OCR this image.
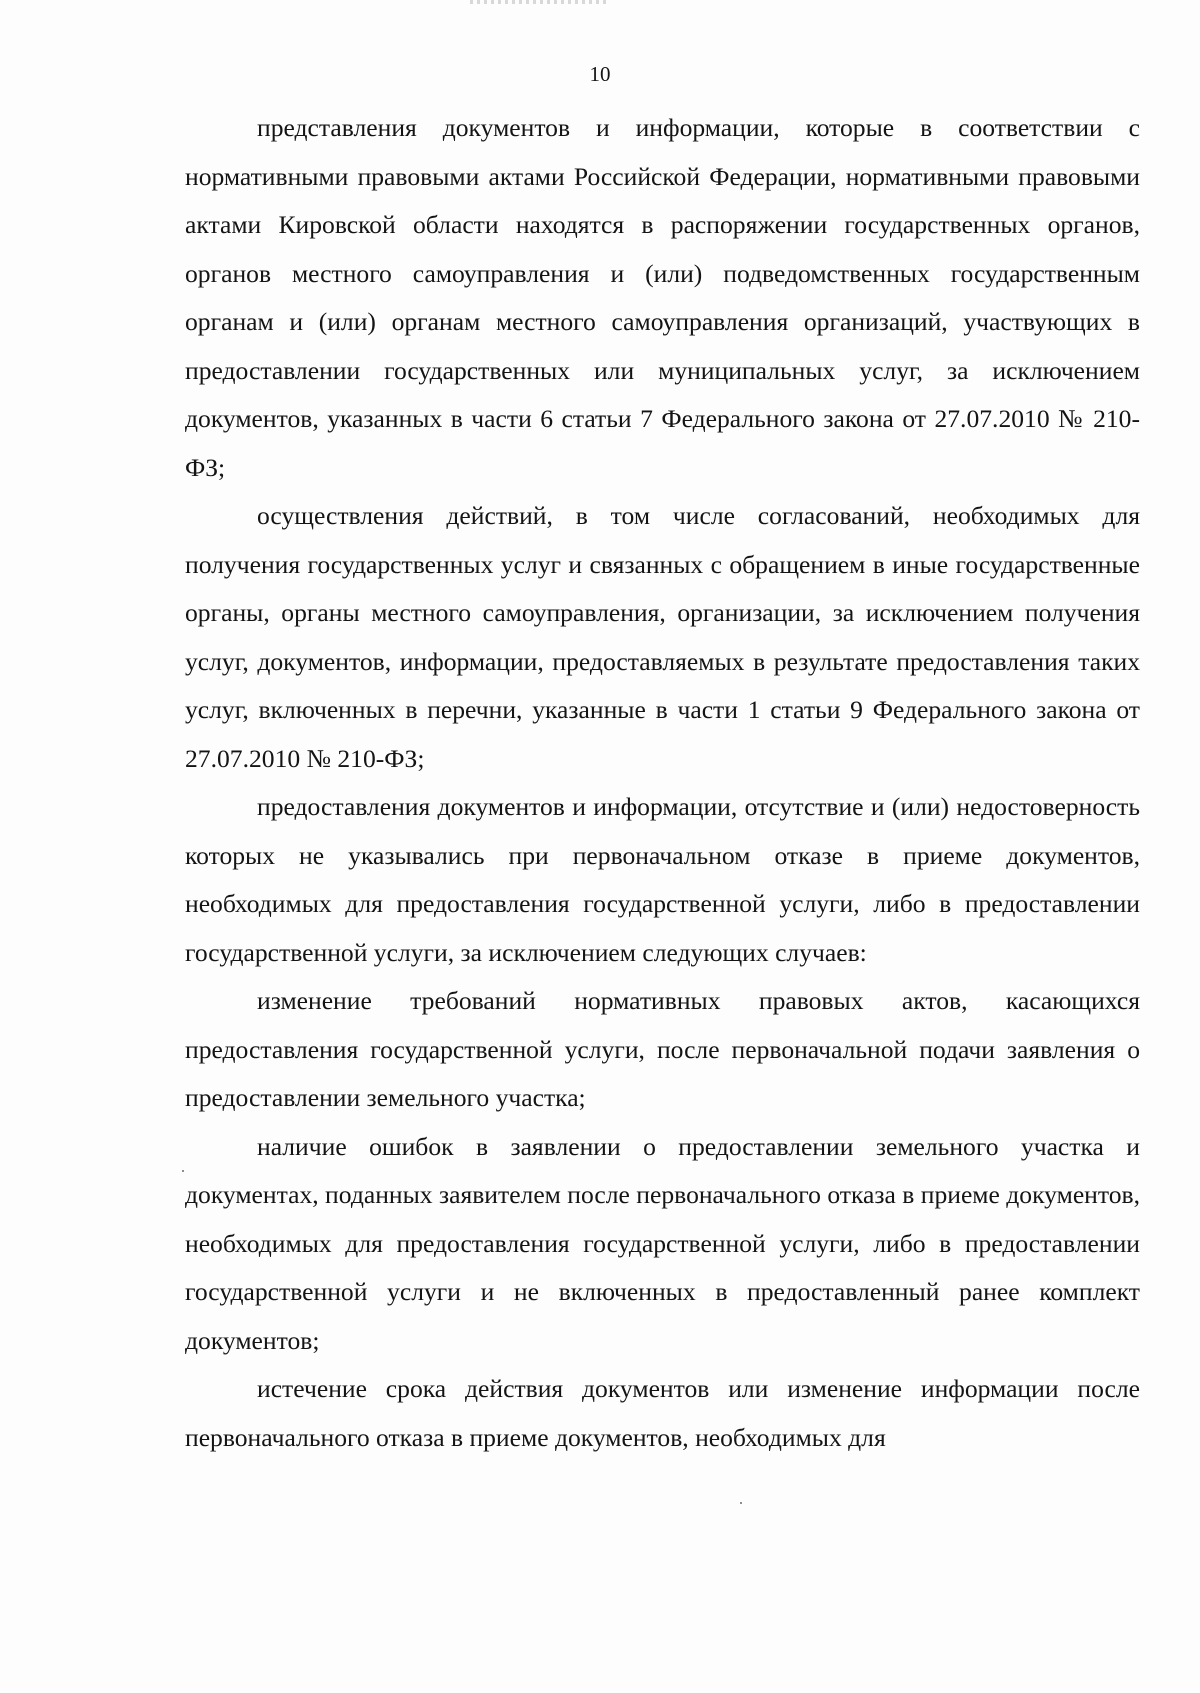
10

представления документов и информации, которые в соответствии с нормативными правовыми актами Российской Федерации, нормативными правовыми актами Кировской области находятся в распоряжении государственных органов, органов местного самоуправления и (или) подведомственных государственным органам и (или) органам местного самоуправления организаций, участвующих в предоставлении государственных или муниципальных услуг, за исключением документов, указанных в части 6 статьи 7 Федерального закона от 27.07.2010 № 210-ФЗ;

осуществления действий, в том числе согласований, необходимых для получения государственных услуг и связанных с обращением в иные государственные органы, органы местного самоуправления, организации, за исключением получения услуг, документов, информации, предоставляемых в результате предоставления таких услуг, включенных в перечни, указанные в части 1 статьи 9 Федерального закона от 27.07.2010 № 210-ФЗ;

предоставления документов и информации, отсутствие и (или) недостоверность которых не указывались при первоначальном отказе в приеме документов, необходимых для предоставления государственной услуги, либо в предоставлении государственной услуги, за исключением следующих случаев:

изменение требований нормативных правовых актов, касающихся предоставления государственной услуги, после первоначальной подачи заявления о предоставлении земельного участка;

наличие ошибок в заявлении о предоставлении земельного участка и документах, поданных заявителем после первоначального отказа в приеме документов, необходимых для предоставления государственной услуги, либо в предоставлении государственной услуги и не включенных в предоставленный ранее комплект документов;

истечение срока действия документов или изменение информации после первоначального отказа в приеме документов, необходимых для
